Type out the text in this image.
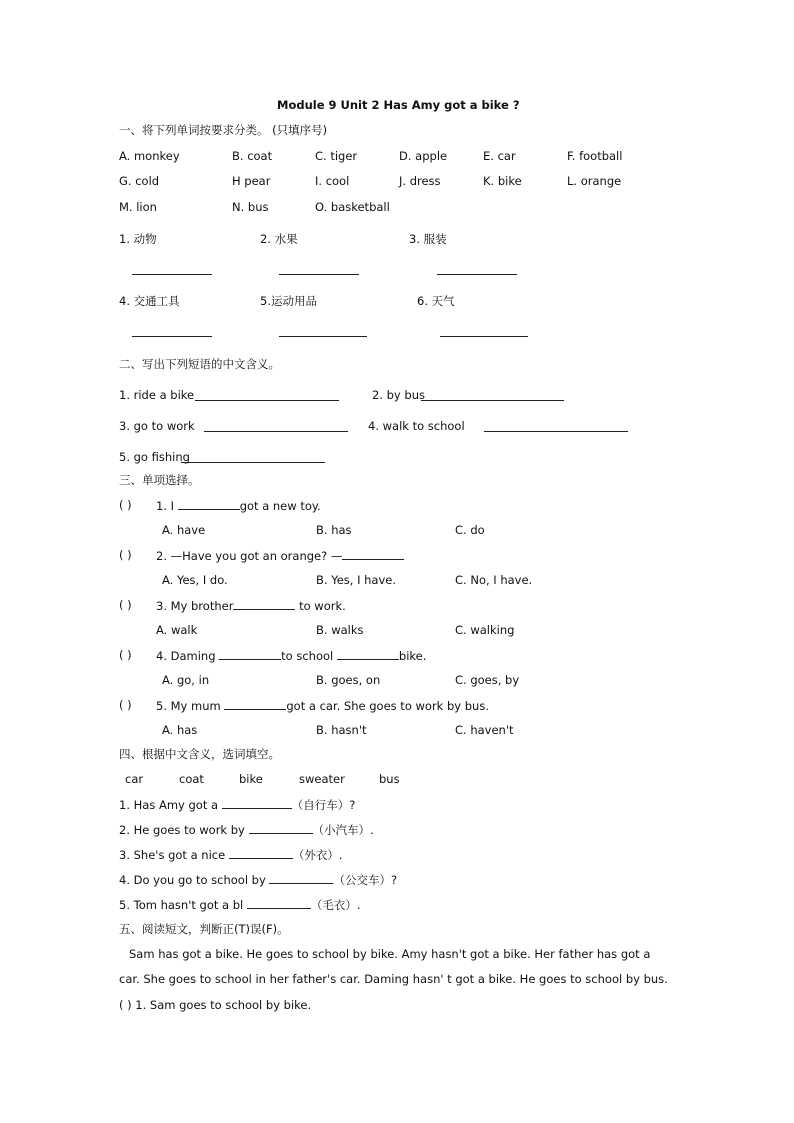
Module 9 Unit 2 Has Amy got a bike ?
一、将下列单词按要求分类。 (只填序号)
A. monkey	B. coat	C. tiger	D. apple	E. car	F. football
G. cold	H pear	I. cool	J. dress	K. bike	L. orange
M. lion	N. bus	O. basketball
1. 动物	2. 水果	3. 服装
4. 交通工具	5.运动用品	6. 天气
二、写出下列短语的中文含义。
1. ride a bike	2. by bus
3. go to work	4. walk to school
5. go fishing
三、单项选择。
( ) 1. I	got a new toy.
A. have	B. has	C. do
( ) 2. —Have you got an orange? —
A. Yes, I do.	B. Yes, I have.	C. No, I have.
( ) 3. My brother	to work.
A. walk	B. walks	C. walking
( ) 4. Daming	to school	bike.
A. go, in	B. goes, on	C. goes, by
( ) 5. My mum	got a car. She goes to work by bus.
A. has	B. hasn't	C. haven't
四、根据中文含义，选词填空。
car	coat	bike	sweater	bus
1. Has Amy got a	（自行车）?
2. He goes to work by	（小汽车）.
3. She's got a nice	（外衣）.
4. Do you go to school by	（公交车）?
5. Tom hasn't got a bl	（毛衣）.
五、阅读短文，判断正(T)误(F)。
Sam has got a bike. He goes to school by bike. Amy hasn't got a bike. Her father has got a
car. She goes to school in her father's car. Daming hasn' t got a bike. He goes to school by bus.
( ) 1. Sam goes to school by bike.
